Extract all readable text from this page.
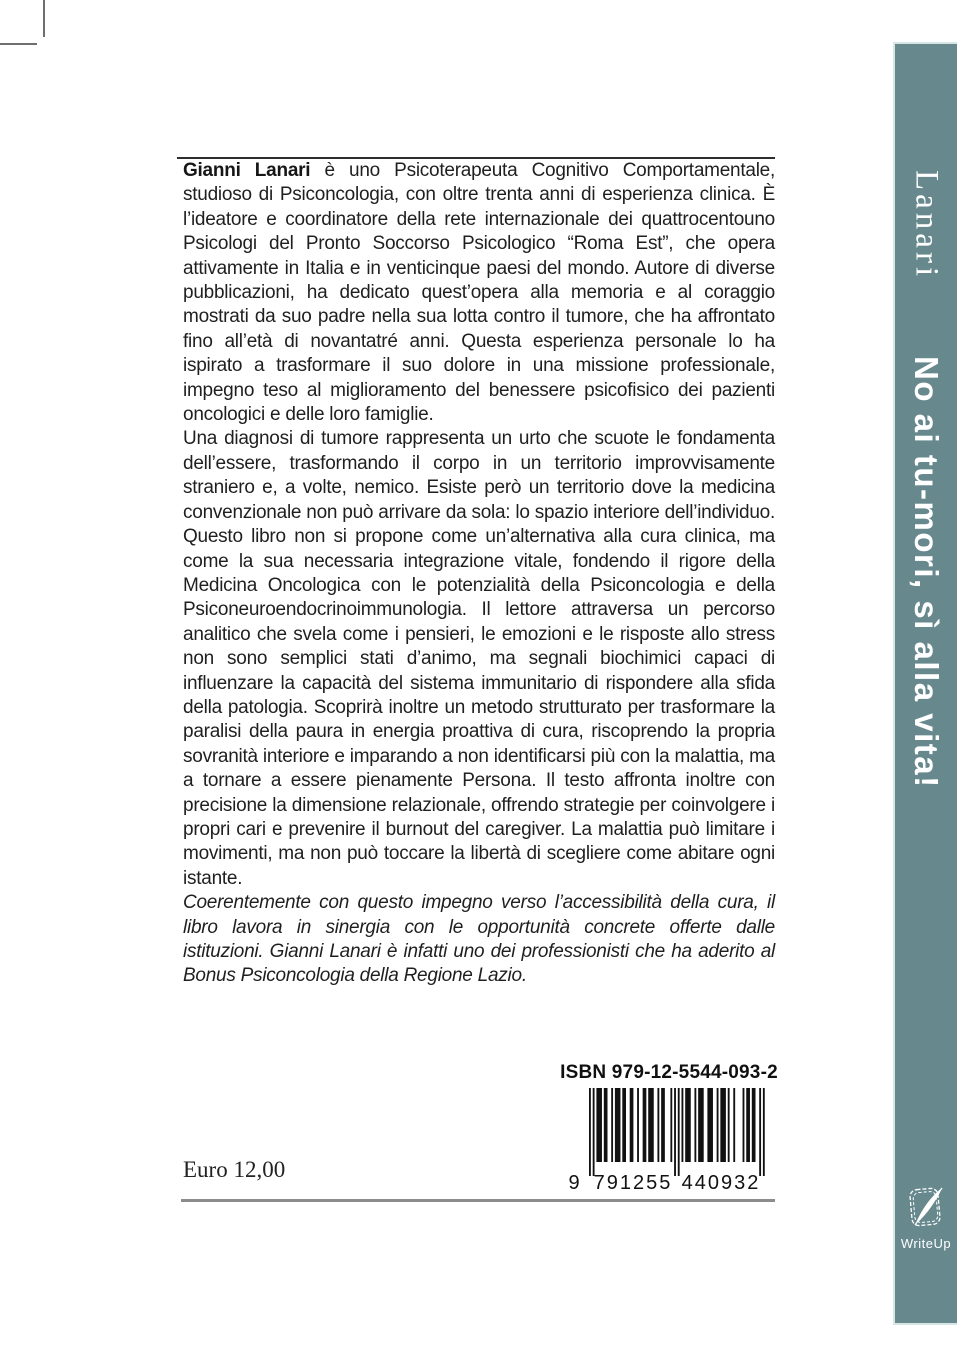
Gianni Lanari è uno Psicoterapeuta Cognitivo Comportamentale, studioso di Psiconcologia, con oltre trenta anni di esperienza clinica. È l’ideatore e coordinatore della rete internazionale dei quattrocentouno Psicologi del Pronto Soccorso Psicologico “Roma Est”, che opera attivamente in Italia e in venticinque paesi del mondo. Autore di diverse pubblicazioni, ha dedicato quest’opera alla memoria e al coraggio mostrati da suo padre nella sua lotta contro il tumore, che ha affrontato fino all’età di novantatré anni. Questa esperienza personale lo ha ispirato a trasformare il suo dolore in una missione professionale, impegno teso al miglioramento del benessere psicofisico dei pazienti oncologici e delle loro famiglie.

Una diagnosi di tumore rappresenta un urto che scuote le fondamenta dell’essere, trasformando il corpo in un territorio improvvisamente straniero e, a volte, nemico. Esiste però un territorio dove la medicina convenzionale non può arrivare da sola: lo spazio interiore dell’individuo. Questo libro non si propone come un’alternativa alla cura clinica, ma come la sua necessaria integrazione vitale, fondendo il rigore della Medicina Oncologica con le potenzialità della Psiconcologia e della Psiconeuroendocrinoimmunologia. Il lettore attraversa un percorso analitico che svela come i pensieri, le emozioni e le risposte allo stress non sono semplici stati d’animo, ma segnali biochimici capaci di influenzare la capacità del sistema immunitario di rispondere alla sfida della patologia. Scoprirà inoltre un metodo strutturato per trasformare la paralisi della paura in energia proattiva di cura, riscoprendo la propria sovranità interiore e imparando a non identificarsi più con la malattia, ma a tornare a essere pienamente Persona. Il testo affronta inoltre con precisione la dimensione relazionale, offrendo strategie per coinvolgere i propri cari e prevenire il burnout del caregiver. La malattia può limitare i movimenti, ma non può toccare la libertà di scegliere come abitare ogni istante.

Coerentemente con questo impegno verso l’accessibilità della cura, il libro lavora in sinergia con le opportunità concrete offerte dalle istituzioni. Gianni Lanari è infatti uno dei professionisti che ha aderito al Bonus Psiconcologia della Regione Lazio.

ISBN 979-12-5544-093-2
9 791255 440932
Euro 12,00
Lanari
No ai tu-mori, sì alla vita!
WriteUp
